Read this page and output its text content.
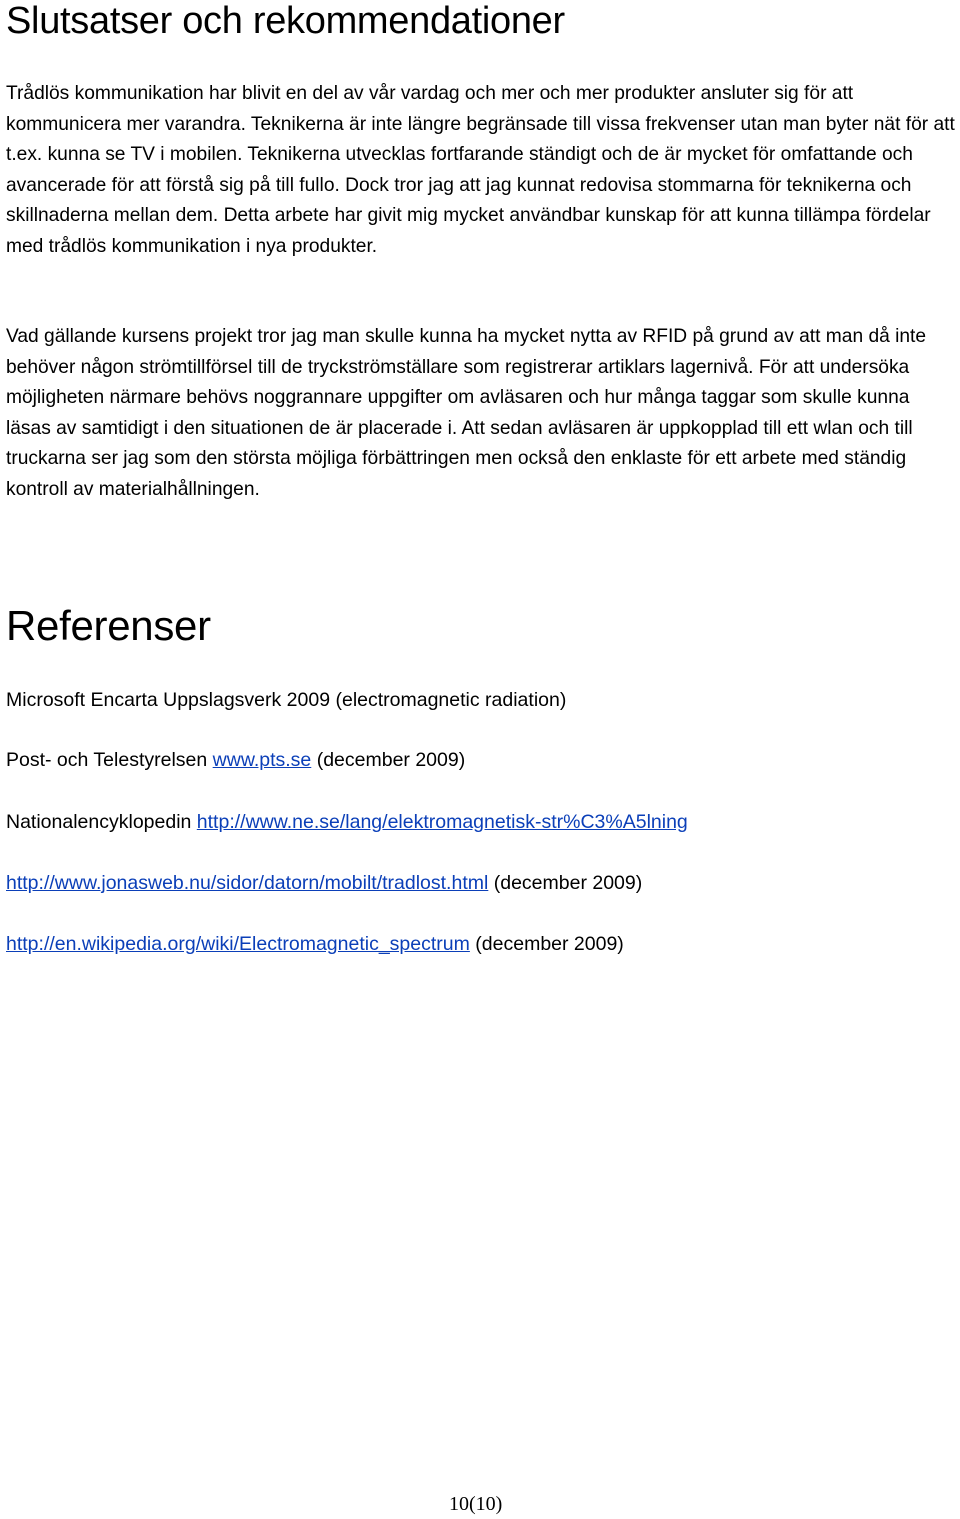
Slutsatser och rekommendationer

Trådlös kommunikation har blivit en del av vår vardag och mer och mer produkter ansluter sig för att kommunicera mer varandra. Teknikerna är inte längre begränsade till vissa frekvenser utan man byter nät för att t.ex. kunna se TV i mobilen. Teknikerna utvecklas fortfarande ständigt och de är mycket för omfattande och avancerade för att förstå sig på till fullo. Dock tror jag att jag kunnat redovisa stommarna för teknikerna och skillnaderna mellan dem. Detta arbete har givit mig mycket användbar kunskap för att kunna tillämpa fördelar med trådlös kommunikation i nya produkter.

Vad gällande kursens projekt tror jag man skulle kunna ha mycket nytta av RFID på grund av att man då inte behöver någon strömtillförsel till de tryckströmställare som registrerar artiklars lagernivå. För att undersöka möjligheten närmare behövs noggrannare uppgifter om avläsaren och hur många taggar som skulle kunna läsas av samtidigt i den situationen de är placerade i. Att sedan avläsaren är uppkopplad till ett wlan och till truckarna ser jag som den största möjliga förbättringen men också den enklaste för ett arbete med ständig kontroll av materialhållningen.

Referenser

Microsoft Encarta Uppslagsverk 2009 (electromagnetic radiation)

Post- och Telestyrelsen www.pts.se (december 2009)

Nationalencyklopedin http://www.ne.se/lang/elektromagnetisk-str%C3%A5lning

http://www.jonasweb.nu/sidor/datorn/mobilt/tradlost.html (december 2009)

http://en.wikipedia.org/wiki/Electromagnetic_spectrum (december 2009)

10(10)
